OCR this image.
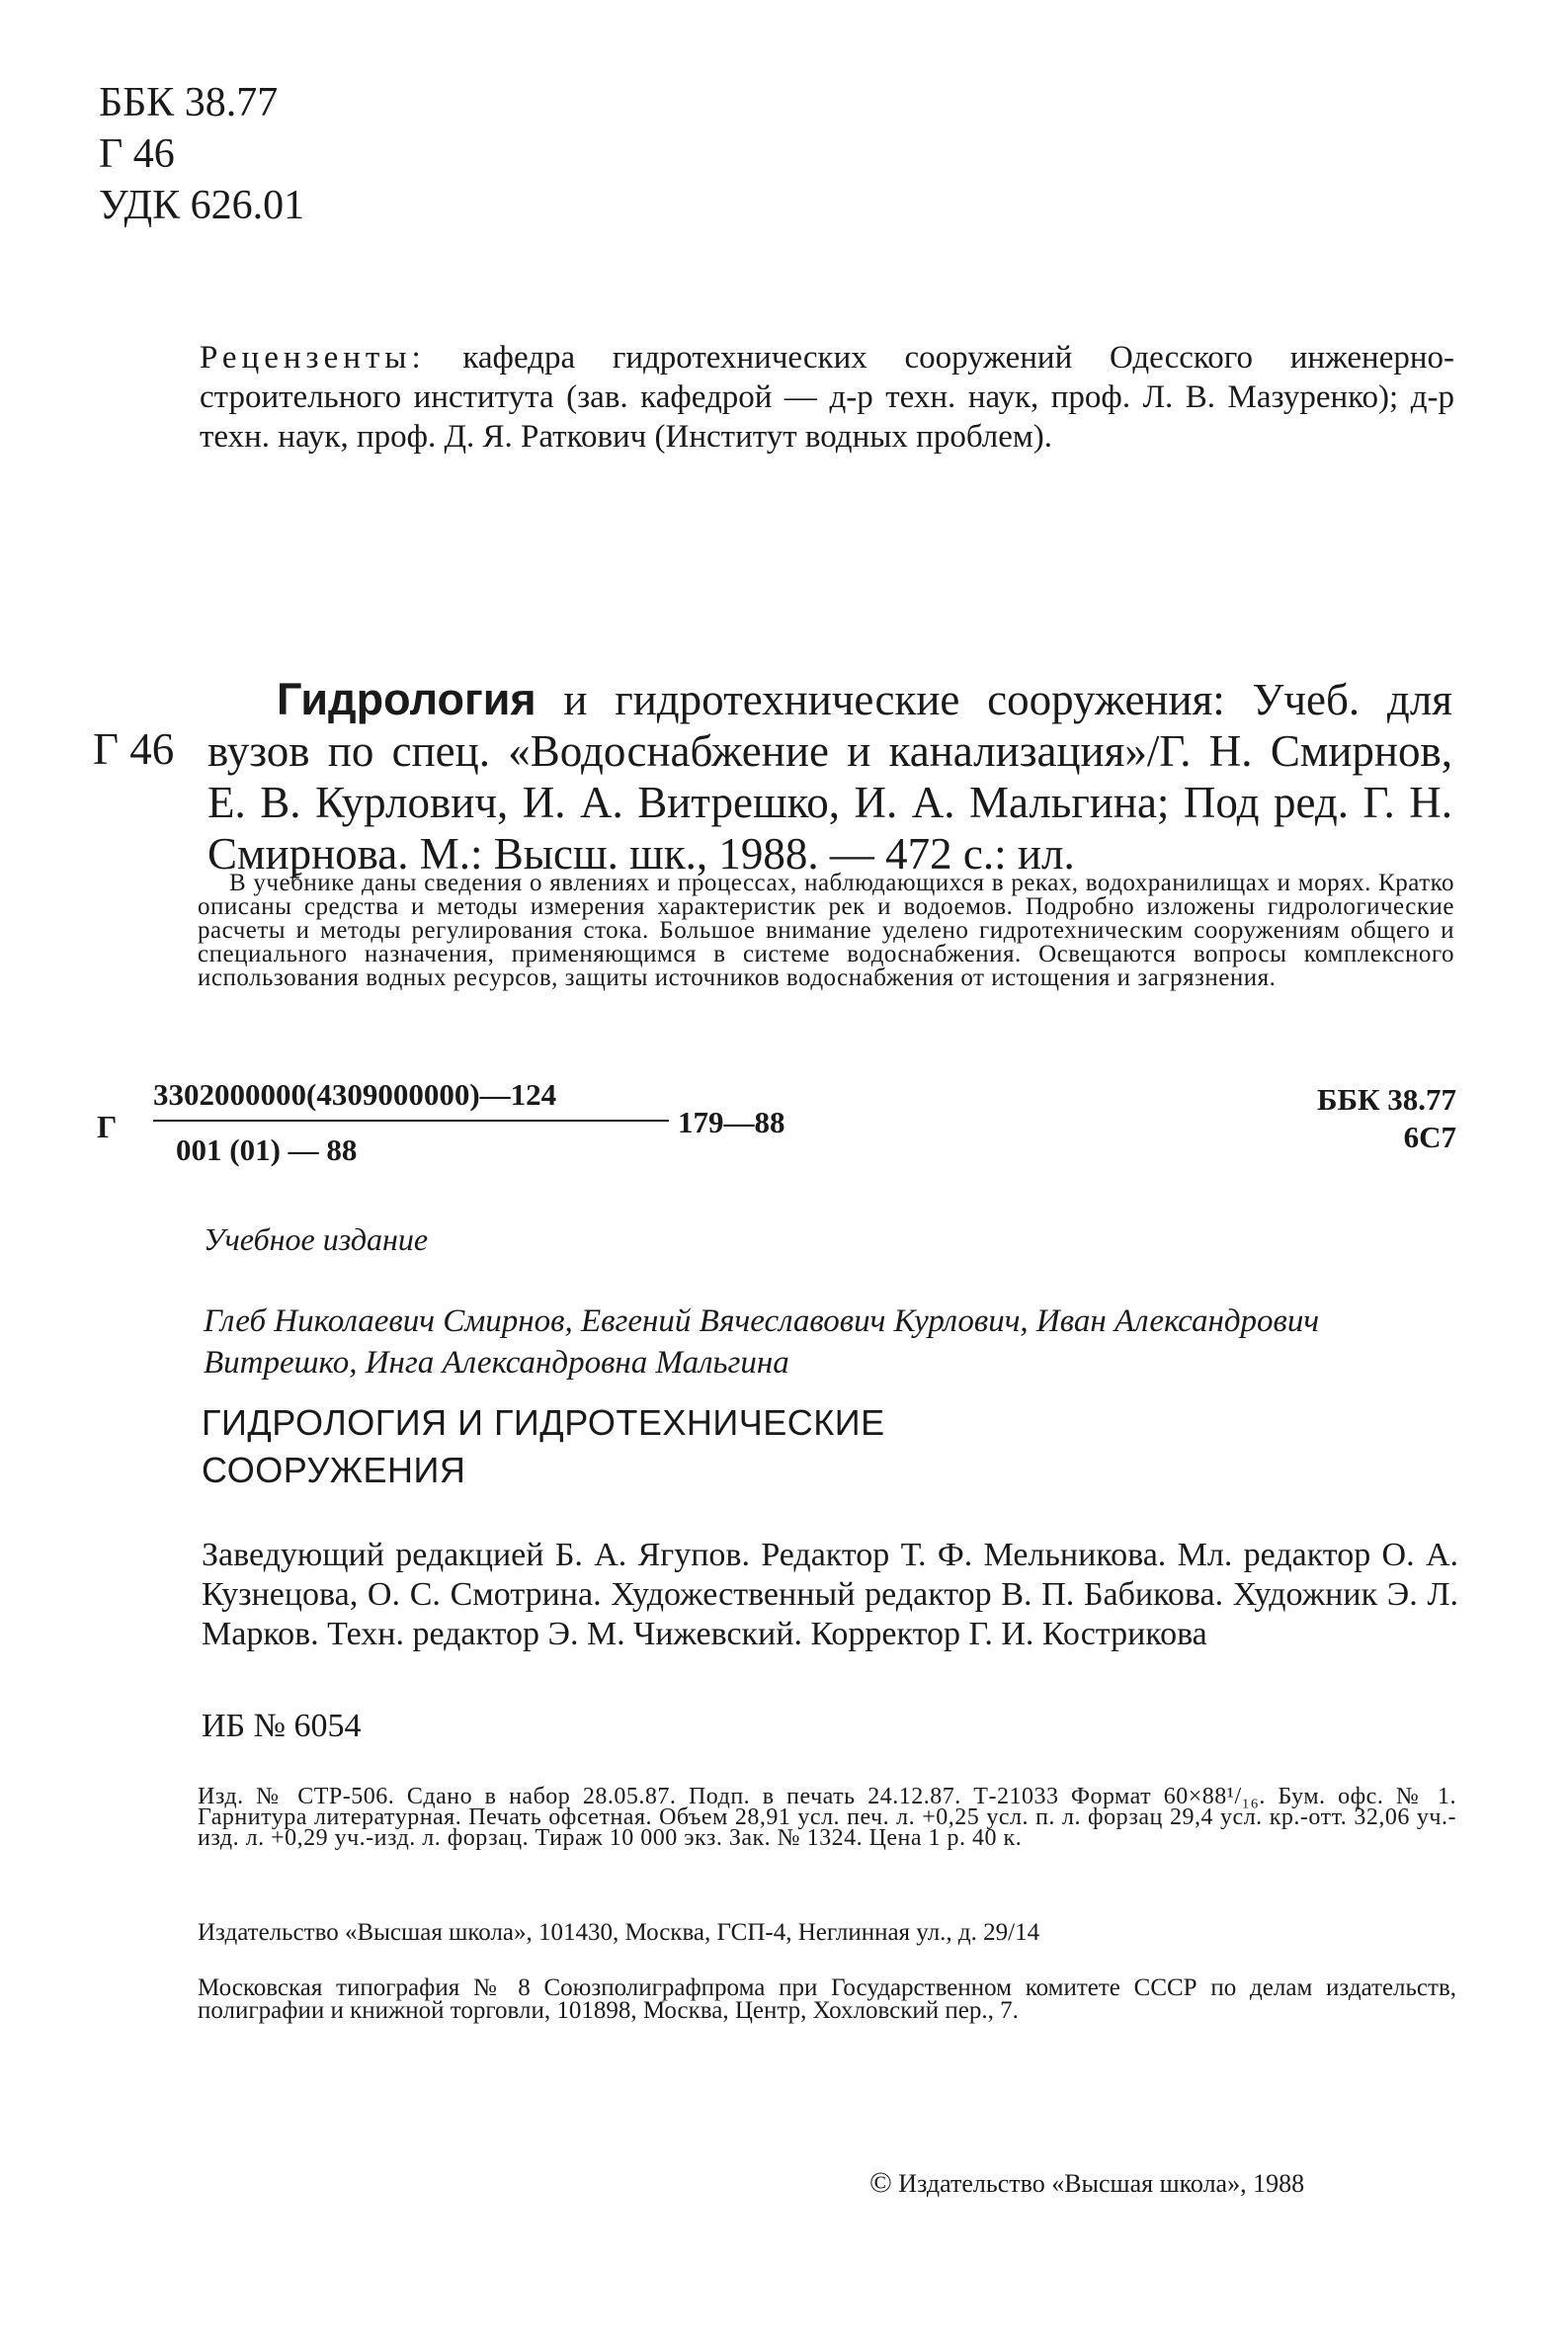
ББК 38.77
Г 46
УДК 626.01
Рецензенты: кафедра гидротехнических сооружений Одесского инженерно-строительного института (зав. кафедрой — д-р техн. наук, проф. Л. В. Мазуренко); д-р техн. наук, проф. Д. Я. Раткович (Институт водных проблем).
Г 46

Гидрология и гидротехнические сооружения: Учеб. для вузов по спец. «Водоснабжение и канализация»/Г. Н. Смирнов, Е. В. Курлович, И. А. Витрешко, И. А. Мальгина; Под ред. Г. Н. Смирнова. М.: Высш. шк., 1988. — 472 с.: ил.

В учебнике даны сведения о явлениях и процессах, наблюдающихся в реках, водохранилищах и морях. Кратко описаны средства и методы измерения характеристик рек и водоемов. Подробно изложены гидрологические расчеты и методы регулирования стока. Большое внимание уделено гидротехническим сооружениям общего и специального назначения, применяющимся в системе водоснабжения. Освещаются вопросы комплексного использования водных ресурсов, защиты источников водоснабжения от истощения и загрязнения.

Г
3302000000(4309000000)—124
001 (01) — 88
179—88
ББК 38.77
6С7
Учебное издание
Глеб Николаевич Смирнов, Евгений Вячеславович Курлович, Иван Александрович Витрешко, Инга Александровна Мальгина
ГИДРОЛОГИЯ И ГИДРОТЕХНИЧЕСКИЕ
СООРУЖЕНИЯ
Заведующий редакцией Б. А. Ягупов. Редактор Т. Ф. Мельникова. Мл. редактор О. А. Кузнецова, О. С. Смотрина. Художественный редактор В. П. Бабикова. Художник Э. Л. Марков. Техн. редактор Э. М. Чижевский. Корректор Г. И. Кострикова
ИБ № 6054
Изд. № СТР-506. Сдано в набор 28.05.87. Подп. в печать 24.12.87. Т-21033 Формат 60×88¹/₁₆. Бум. офс. № 1. Гарнитура литературная. Печать офсетная. Объем 28,91 усл. печ. л. +0,25 усл. п. л. форзац 29,4 усл. кр.-отт. 32,06 уч.-изд. л. +0,29 уч.-изд. л. форзац. Тираж 10 000 экз. Зак. № 1324. Цена 1 р. 40 к.
Издательство «Высшая школа», 101430, Москва, ГСП-4, Неглинная ул., д. 29/14
Московская типография № 8 Союзполиграфпрома при Государственном комитете СССР по делам издательств, полиграфии и книжной торговли, 101898, Москва, Центр, Хохловский пер., 7.
© Издательство «Высшая школа», 1988
